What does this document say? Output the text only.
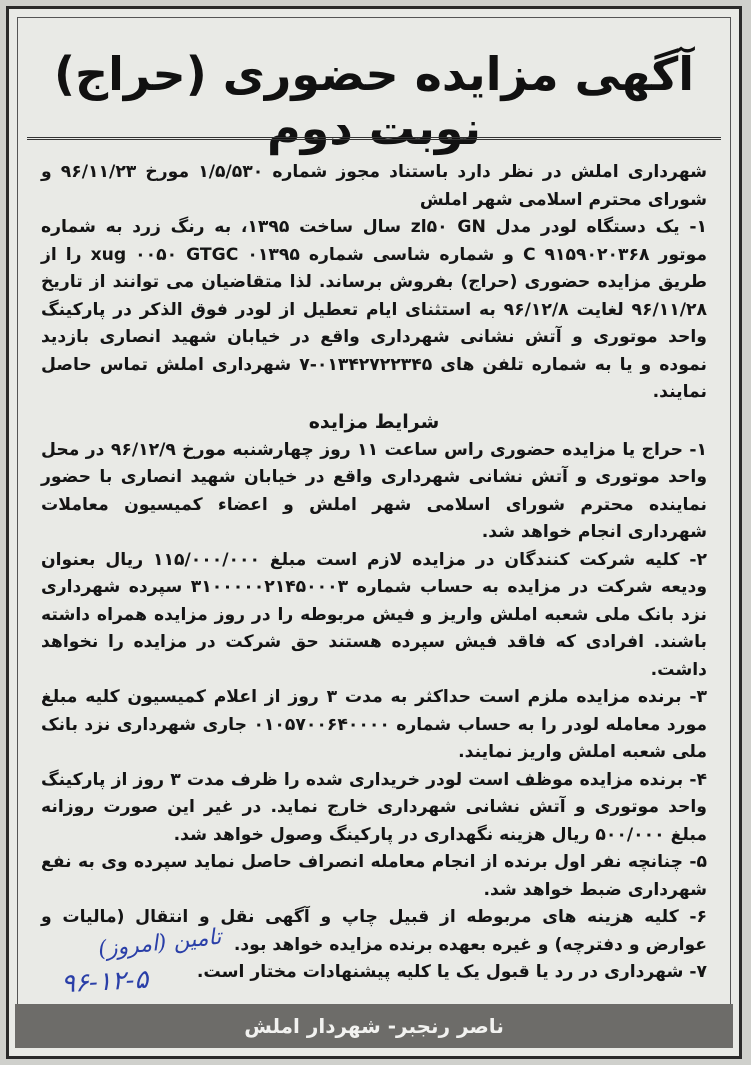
آگهی مزایده حضوری (حراج) نوبت دوم

شهرداری املش در نظر دارد باستناد مجوز شماره ۱/۵/۵۳۰ مورخ ۹۶/۱۱/۲۳ و شورای محترم اسلامی شهر املش

۱- یک دستگاه لودر مدل zl۵۰ GN سال ساخت ۱۳۹۵، به رنگ زرد به شماره موتور C ۹۱۵۹۰۲۰۳۶۸ و شماره شاسی شماره xug ۰۰۵۰ GTGC ۰۱۳۹۵ را از طریق مزایده حضوری (حراج) بفروش برساند. لذا متقاضیان می توانند از تاریخ ۹۶/۱۱/۲۸ لغایت ۹۶/۱۲/۸ به استثنای ایام تعطیل از لودر فوق الذکر در پارکینگ واحد موتوری و آتش نشانی شهرداری واقع در خیابان شهید انصاری بازدید نموده و یا به شماره تلفن های ۰۱۳۴۲۷۲۲۳۴۵-۷ شهرداری املش تماس حاصل نمایند.

شرایط مزایده

۱- حراج یا مزایده حضوری راس ساعت ۱۱ روز چهارشنبه مورخ ۹۶/۱۲/۹ در محل واحد موتوری و آتش نشانی شهرداری واقع در خیابان شهید انصاری با حضور نماینده محترم شورای اسلامی شهر املش و اعضاء کمیسیون معاملات شهرداری انجام خواهد شد.

۲- کلیه شرکت کنندگان در مزایده لازم است مبلغ ۱۱۵/۰۰۰/۰۰۰ ریال بعنوان ودیعه شرکت در مزایده به حساب شماره ۳۱۰۰۰۰۰۲۱۴۵۰۰۰۳ سپرده شهرداری نزد بانک ملی شعبه املش واریز و فیش مربوطه را در روز مزایده همراه داشته باشند. افرادی که فاقد فیش سپرده هستند حق شرکت در مزایده را نخواهد داشت.

۳- برنده مزایده ملزم است حداکثر به مدت ۳ روز از اعلام کمیسیون کلیه مبلغ مورد معامله لودر را به حساب شماره ۰۱۰۵۷۰۰۶۴۰۰۰۰ جاری شهرداری نزد بانک ملی شعبه املش واریز نمایند.

۴- برنده مزایده موظف است لودر خریداری شده را ظرف مدت ۳ روز از پارکینگ واحد موتوری و آتش نشانی شهرداری خارج نماید. در غیر این صورت روزانه مبلغ ۵۰۰/۰۰۰ ریال هزینه نگهداری در پارکینگ وصول خواهد شد.

۵- چنانچه نفر اول برنده از انجام معامله انصراف حاصل نماید سپرده وی به نفع شهرداری ضبط خواهد شد.

۶- کلیه هزینه های مربوطه از قبیل چاپ و آگهی نقل و انتقال (مالیات و عوارض و دفترچه) و غیره بعهده برنده مزایده خواهد بود.

۷- شهرداری در رد یا قبول یک یا کلیه پیشنهادات مختار است.

تامین (امروز)
۹۶-۱۲-۵
ناصر رنجبر- شهردار املش
